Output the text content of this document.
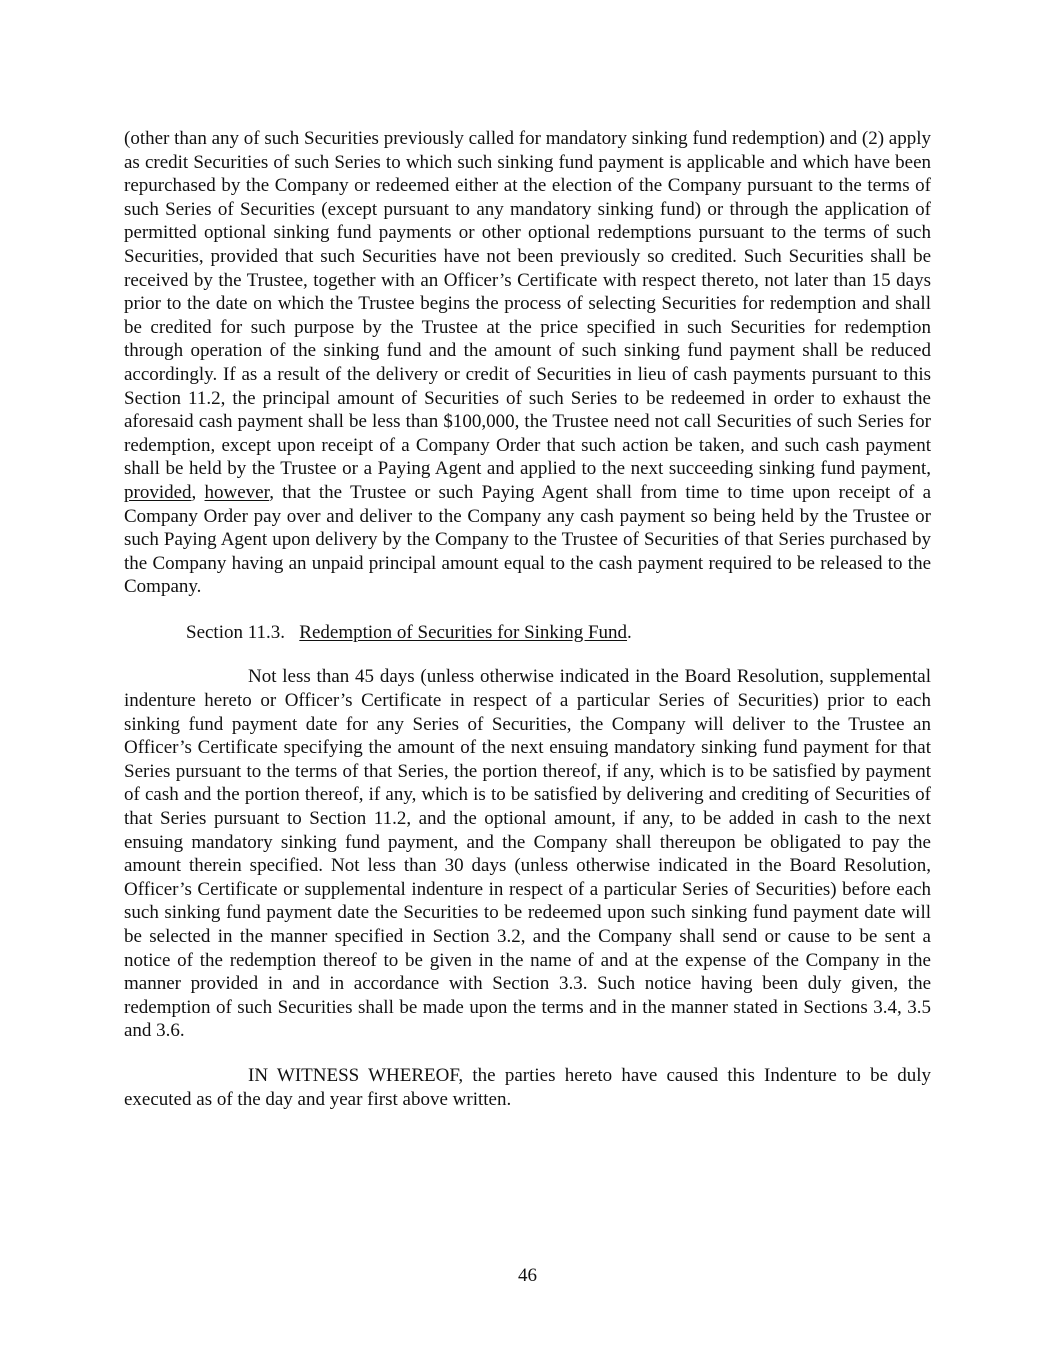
(other than any of such Securities previously called for mandatory sinking fund redemption) and (2) apply as credit Securities of such Series to which such sinking fund payment is applicable and which have been repurchased by the Company or redeemed either at the election of the Company pursuant to the terms of such Series of Securities (except pursuant to any mandatory sinking fund) or through the application of permitted optional sinking fund payments or other optional redemptions pursuant to the terms of such Securities, provided that such Securities have not been previously so credited. Such Securities shall be received by the Trustee, together with an Officer’s Certificate with respect thereto, not later than 15 days prior to the date on which the Trustee begins the process of selecting Securities for redemption and shall be credited for such purpose by the Trustee at the price specified in such Securities for redemption through operation of the sinking fund and the amount of such sinking fund payment shall be reduced accordingly. If as a result of the delivery or credit of Securities in lieu of cash payments pursuant to this Section 11.2, the principal amount of Securities of such Series to be redeemed in order to exhaust the aforesaid cash payment shall be less than $100,000, the Trustee need not call Securities of such Series for redemption, except upon receipt of a Company Order that such action be taken, and such cash payment shall be held by the Trustee or a Paying Agent and applied to the next succeeding sinking fund payment, provided, however, that the Trustee or such Paying Agent shall from time to time upon receipt of a Company Order pay over and deliver to the Company any cash payment so being held by the Trustee or such Paying Agent upon delivery by the Company to the Trustee of Securities of that Series purchased by the Company having an unpaid principal amount equal to the cash payment required to be released to the Company.

Section 11.3. Redemption of Securities for Sinking Fund.

Not less than 45 days (unless otherwise indicated in the Board Resolution, supplemental indenture hereto or Officer’s Certificate in respect of a particular Series of Securities) prior to each sinking fund payment date for any Series of Securities, the Company will deliver to the Trustee an Officer’s Certificate specifying the amount of the next ensuing mandatory sinking fund payment for that Series pursuant to the terms of that Series, the portion thereof, if any, which is to be satisfied by payment of cash and the portion thereof, if any, which is to be satisfied by delivering and crediting of Securities of that Series pursuant to Section 11.2, and the optional amount, if any, to be added in cash to the next ensuing mandatory sinking fund payment, and the Company shall thereupon be obligated to pay the amount therein specified. Not less than 30 days (unless otherwise indicated in the Board Resolution, Officer’s Certificate or supplemental indenture in respect of a particular Series of Securities) before each such sinking fund payment date the Securities to be redeemed upon such sinking fund payment date will be selected in the manner specified in Section 3.2, and the Company shall send or cause to be sent a notice of the redemption thereof to be given in the name of and at the expense of the Company in the manner provided in and in accordance with Section 3.3. Such notice having been duly given, the redemption of such Securities shall be made upon the terms and in the manner stated in Sections 3.4, 3.5 and 3.6.

IN WITNESS WHEREOF, the parties hereto have caused this Indenture to be duly executed as of the day and year first above written.

46
